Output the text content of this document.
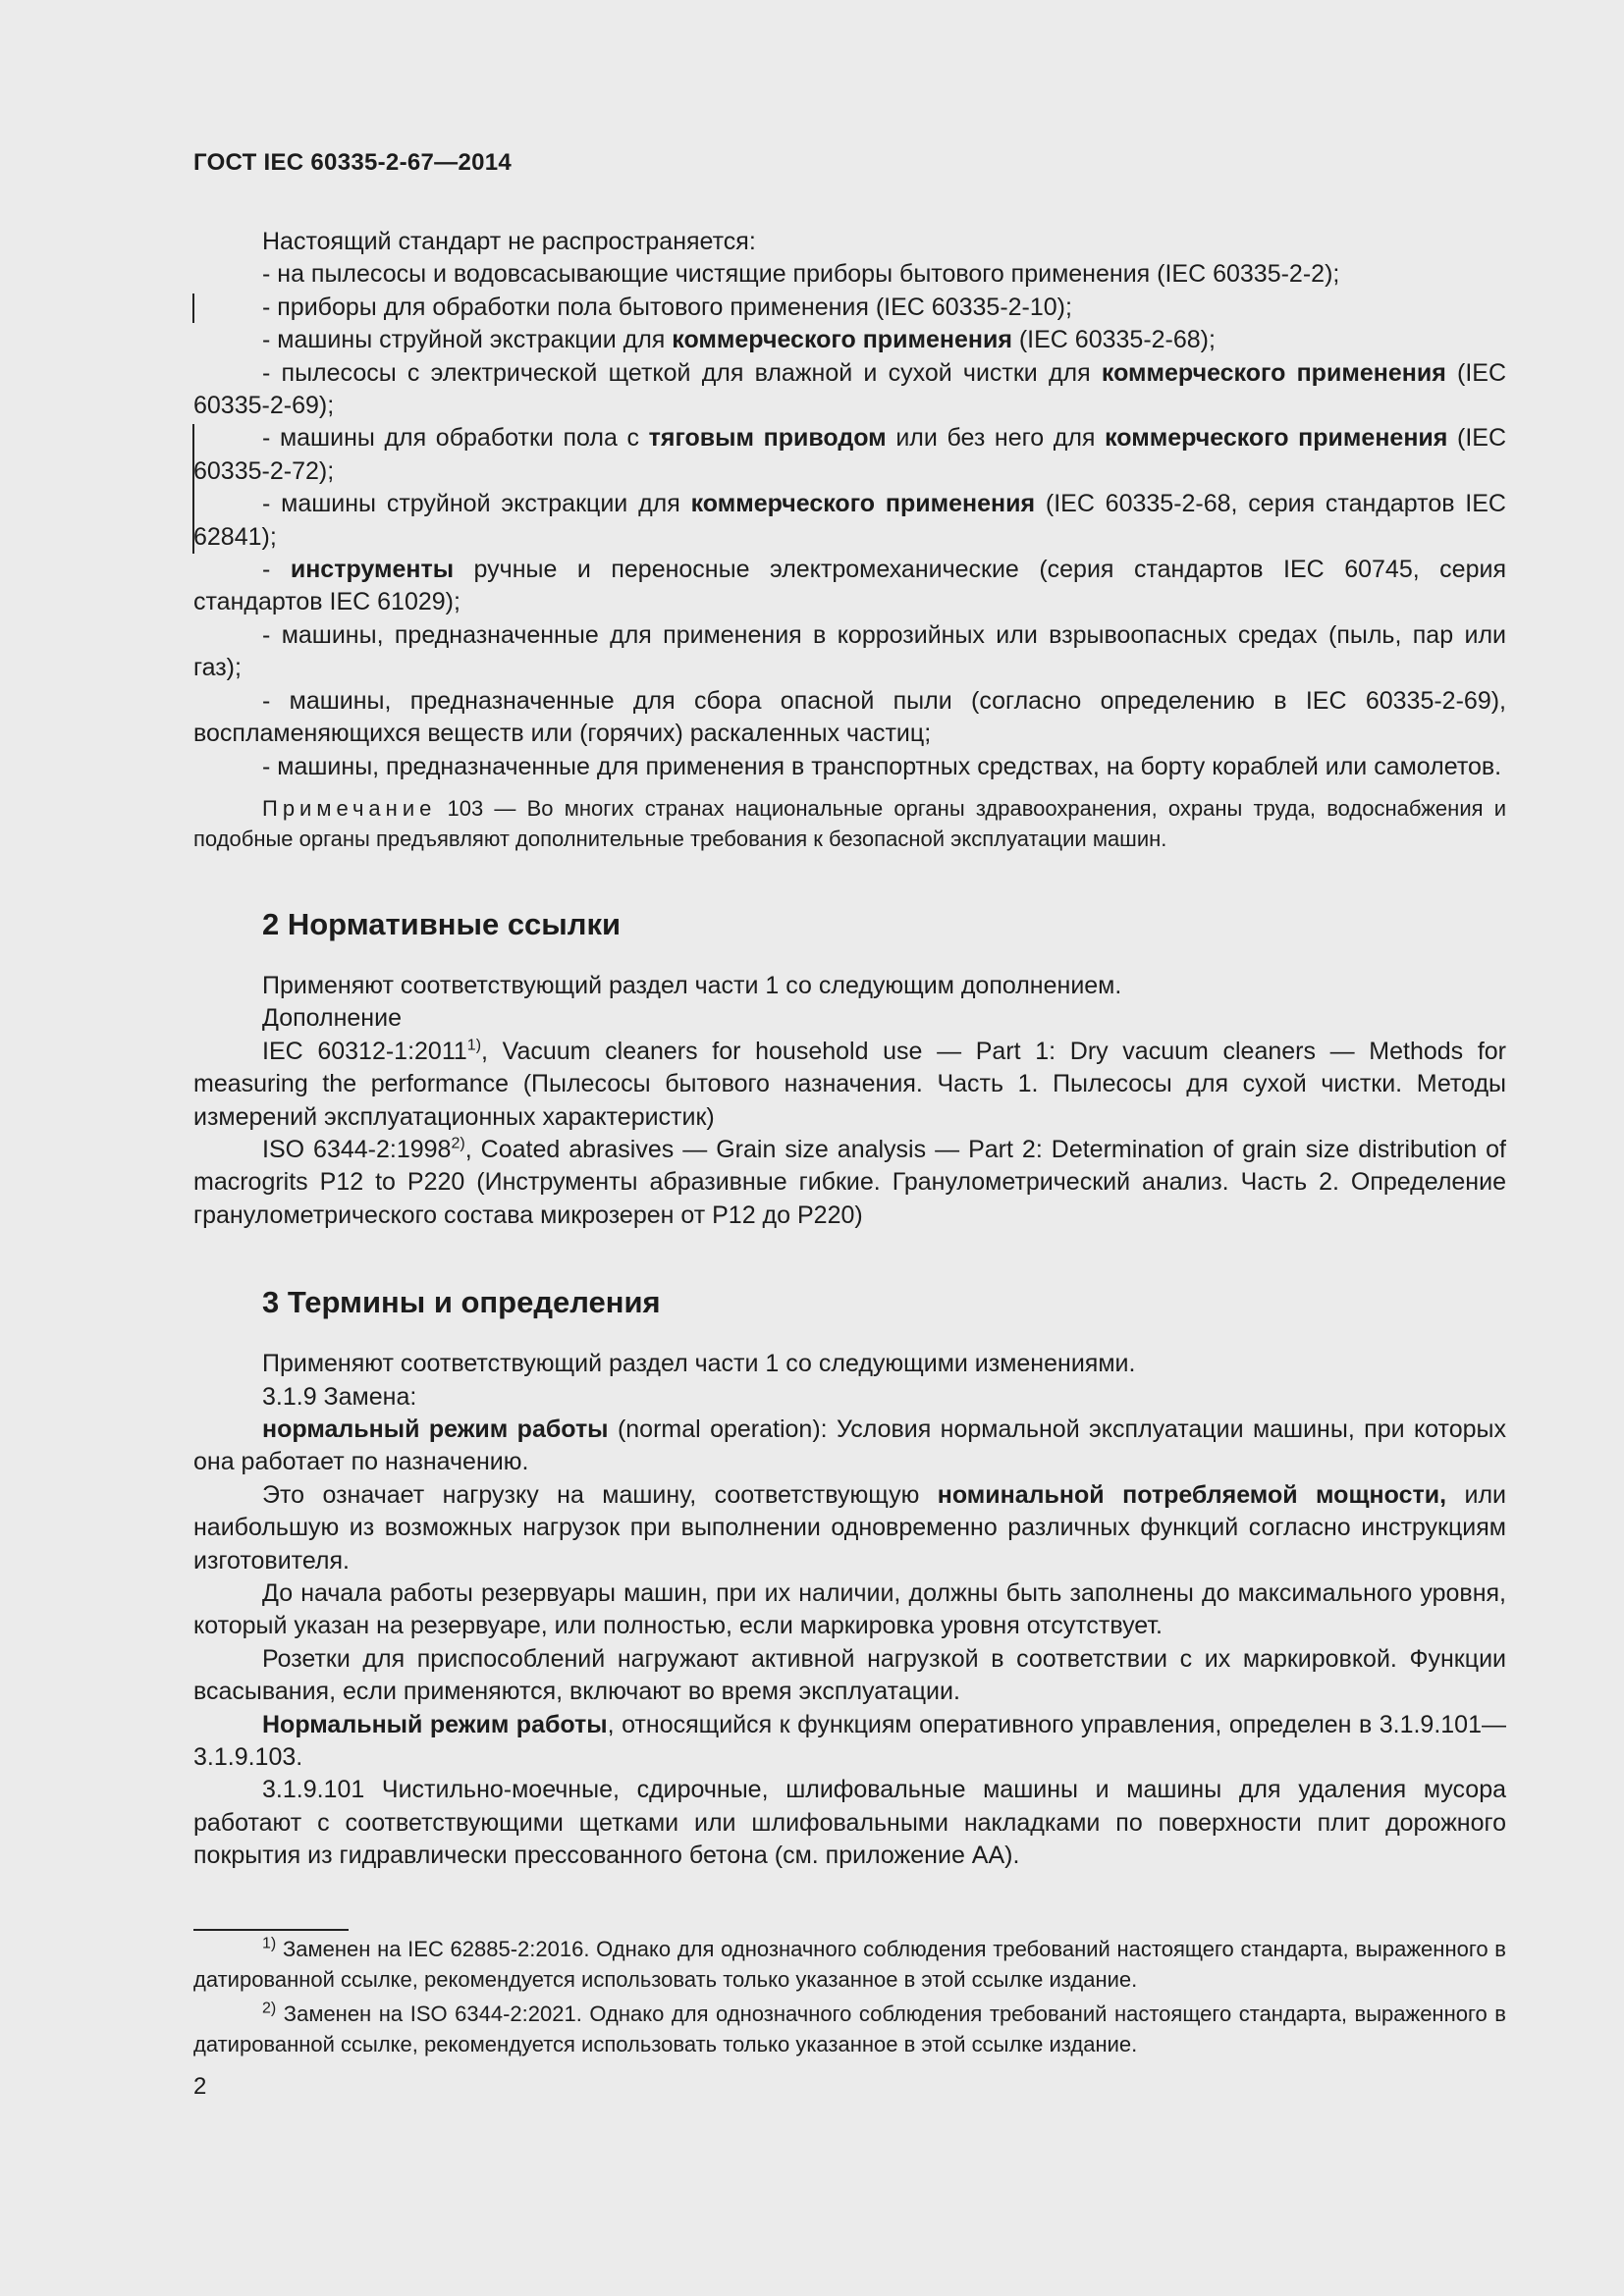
ГОСТ IEC 60335-2-67—2014

Настоящий стандарт не распространяется:

- на пылесосы и водовсасывающие чистящие приборы бытового применения (IEC 60335-2-2);

- приборы для обработки пола бытового применения (IEC 60335-2-10);

- машины струйной экстракции для коммерческого применения (IEC 60335-2-68);

- пылесосы с электрической щеткой для влажной и сухой чистки для коммерческого применения (IEC 60335-2-69);

- машины для обработки пола с тяговым приводом или без него для коммерческого применения (IEC 60335-2-72);

- машины струйной экстракции для коммерческого применения (IEC 60335-2-68, серия стандартов IEC 62841);

- инструменты ручные и переносные электромеханические (серия стандартов IEC 60745, серия стандартов IEC 61029);

- машины, предназначенные для применения в коррозийных или взрывоопасных средах (пыль, пар или газ);

- машины, предназначенные для сбора опасной пыли (согласно определению в IEC 60335-2-69), воспламеняющихся веществ или (горячих) раскаленных частиц;

- машины, предназначенные для применения в транспортных средствах, на борту кораблей или самолетов.

Примечание 103 — Во многих странах национальные органы здравоохранения, охраны труда, водоснабжения и подобные органы предъявляют дополнительные требования к безопасной эксплуатации машин.

2 Нормативные ссылки

Применяют соответствующий раздел части 1 со следующим дополнением.

Дополнение

IEC 60312-1:2011$^{1)}$, Vacuum cleaners for household use — Part 1: Dry vacuum cleaners — Methods for measuring the performance (Пылесосы бытового назначения. Часть 1. Пылесосы для сухой чистки. Методы измерений эксплуатационных характеристик)

ISO 6344-2:1998$^{2)}$, Coated abrasives — Grain size analysis — Part 2: Determination of grain size distribution of macrogrits P12 to P220 (Инструменты абразивные гибкие. Гранулометрический анализ. Часть 2. Определение гранулометрического состава микрозерен от P12 до P220)

3 Термины и определения

Применяют соответствующий раздел части 1 со следующими изменениями.

3.1.9 Замена:

нормальный режим работы (normal operation): Условия нормальной эксплуатации машины, при которых она работает по назначению.

Это означает нагрузку на машину, соответствующую номинальной потребляемой мощности, или наибольшую из возможных нагрузок при выполнении одновременно различных функций согласно инструкциям изготовителя.

До начала работы резервуары машин, при их наличии, должны быть заполнены до максимального уровня, который указан на резервуаре, или полностью, если маркировка уровня отсутствует.

Розетки для приспособлений нагружают активной нагрузкой в соответствии с их маркировкой. Функции всасывания, если применяются, включают во время эксплуатации.

Нормальный режим работы, относящийся к функциям оперативного управления, определен в 3.1.9.101—3.1.9.103.

3.1.9.101 Чистильно-моечные, сдирочные, шлифовальные машины и машины для удаления мусора работают с соответствующими щетками или шлифовальными накладками по поверхности плит дорожного покрытия из гидравлически прессованного бетона (см. приложение АА).

$^{1)}$ Заменен на IEC 62885-2:2016. Однако для однозначного соблюдения требований настоящего стандарта, выраженного в датированной ссылке, рекомендуется использовать только указанное в этой ссылке издание.

$^{2)}$ Заменен на ISO 6344-2:2021. Однако для однозначного соблюдения требований настоящего стандарта, выраженного в датированной ссылке, рекомендуется использовать только указанное в этой ссылке издание.

2
